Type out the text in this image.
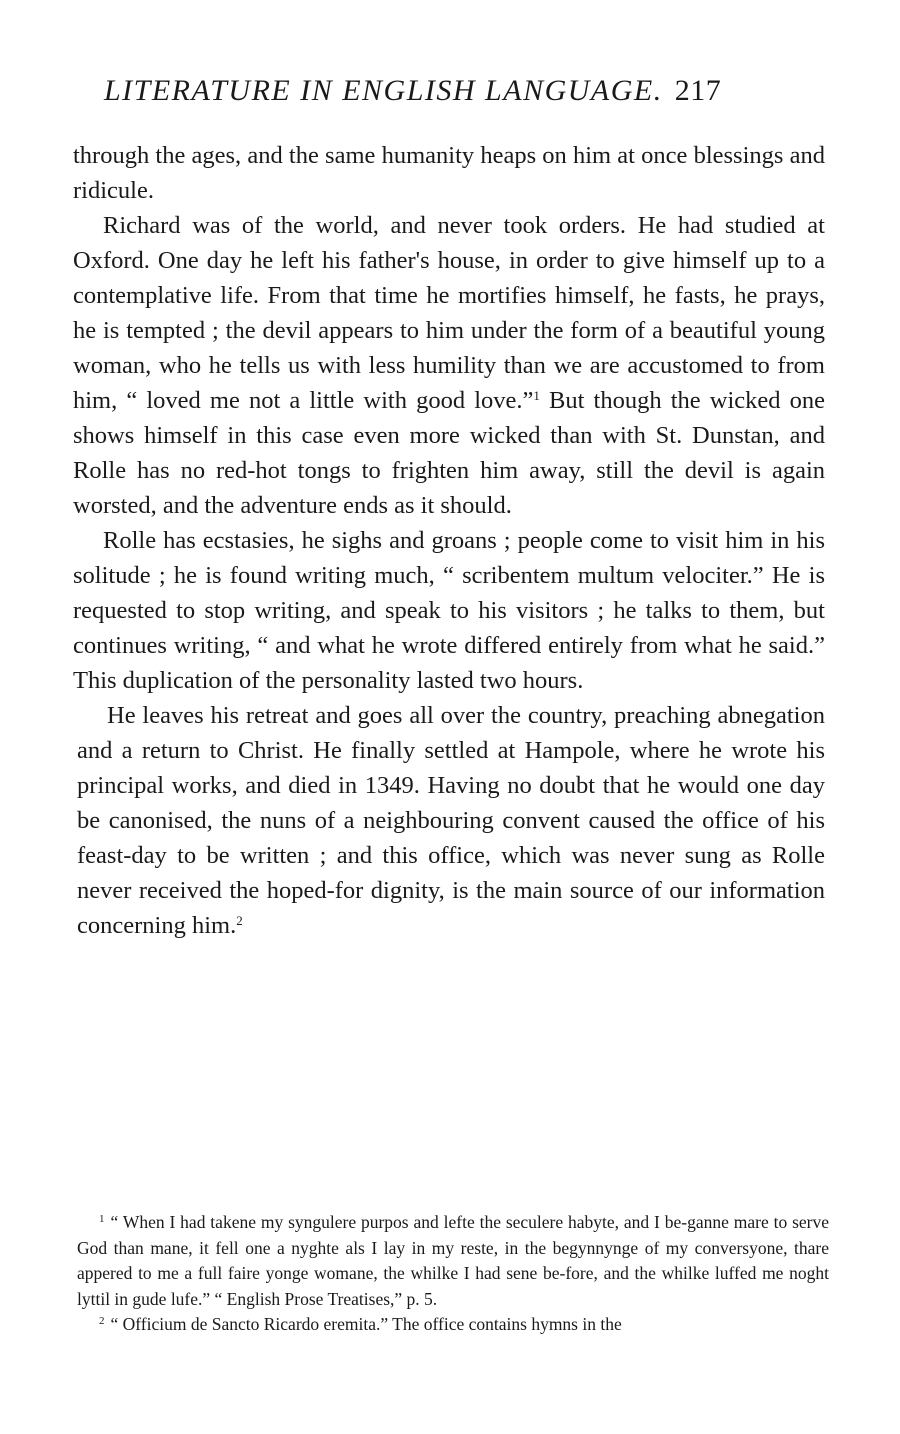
LITERATURE IN ENGLISH LANGUAGE. 217

through the ages, and the same humanity heaps on him at once blessings and ridicule.

Richard was of the world, and never took orders. He had studied at Oxford. One day he left his father's house, in order to give himself up to a contemplative life. From that time he mortifies himself, he fasts, he prays, he is tempted ; the devil appears to him under the form of a beautiful young woman, who he tells us with less humility than we are accustomed to from him, “ loved me not a little with good love.”$^1$ But though the wicked one shows himself in this case even more wicked than with St. Dunstan, and Rolle has no red-hot tongs to frighten him away, still the devil is again worsted, and the adventure ends as it should.

Rolle has ecstasies, he sighs and groans ; people come to visit him in his solitude ; he is found writing much, “ scribentem multum velociter.” He is requested to stop writing, and speak to his visitors ; he talks to them, but continues writing, “ and what he wrote differed entirely from what he said.” This duplication of the personality lasted two hours.

He leaves his retreat and goes all over the country, preaching abnegation and a return to Christ. He finally settled at Hampole, where he wrote his principal works, and died in 1349. Having no doubt that he would one day be canonised, the nuns of a neighbouring convent caused the office of his feast-day to be written ; and this office, which was never sung as Rolle never received the hoped-for dignity, is the main source of our information concerning him.$^2$

$^1$ “ When I had takene my syngulere purpos and lefte the seculere habyte, and I be-ganne mare to serve God than mane, it fell one a nyghte als I lay in my reste, in the begynnynge of my conversyone, thare appered to me a full faire yonge womane, the whilke I had sene be-fore, and the whilke luffed me noght lyttil in gude lufe.” “ English Prose Treatises,” p. 5.

$^2$ “ Officium de Sancto Ricardo eremita.” The office contains hymns in the
